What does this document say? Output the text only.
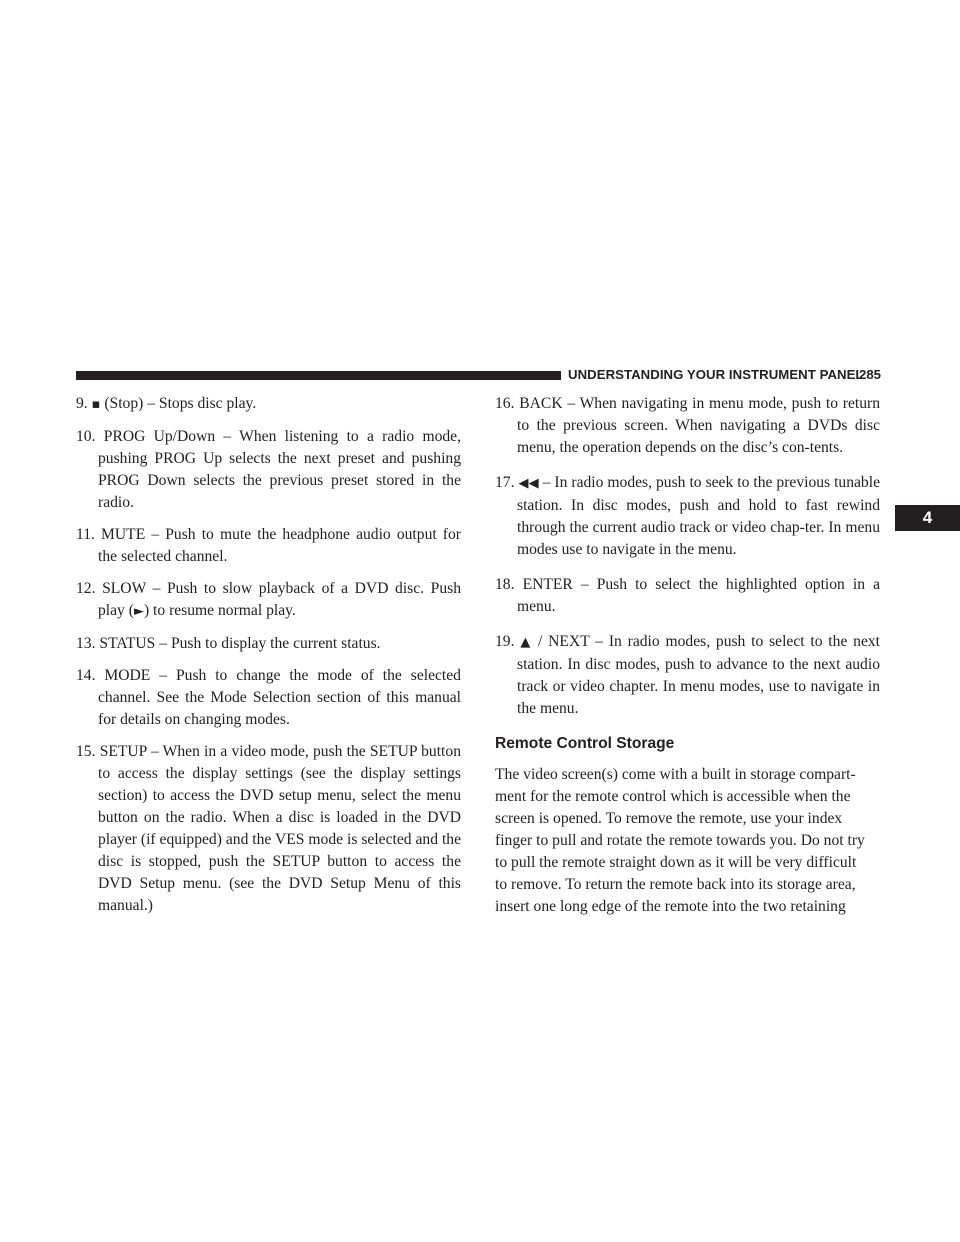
UNDERSTANDING YOUR INSTRUMENT PANEL
285
4

9. ▪ (Stop) – Stops disc play.

10. PROG Up/Down – When listening to a radio mode, pushing PROG Up selects the next preset and pushing PROG Down selects the previous preset stored in the radio.

11. MUTE – Push to mute the headphone audio output for the selected channel.

12. SLOW – Push to slow playback of a DVD disc. Push play (►) to resume normal play.

13. STATUS – Push to display the current status.

14. MODE – Push to change the mode of the selected channel. See the Mode Selection section of this manual for details on changing modes.

15. SETUP – When in a video mode, push the SETUP button to access the display settings (see the display settings section) to access the DVD setup menu, select the menu button on the radio. When a disc is loaded in the DVD player (if equipped) and the VES mode is selected and the disc is stopped, push the SETUP button to access the DVD Setup menu. (see the DVD Setup Menu of this manual.)

16. BACK – When navigating in menu mode, push to return to the previous screen. When navigating a DVDs disc menu, the operation depends on the disc’s con-tents.

17. ◀◀ – In radio modes, push to seek to the previous tunable station. In disc modes, push and hold to fast rewind through the current audio track or video chap-ter. In menu modes use to navigate in the menu.

18. ENTER – Push to select the highlighted option in a menu.

19. ▲ / NEXT – In radio modes, push to select to the next station. In disc modes, push to advance to the next audio track or video chapter. In menu modes, use to navigate in the menu.

Remote Control Storage

The video screen(s) come with a built in storage compart-
ment for the remote control which is accessible when the
screen is opened. To remove the remote, use your index
finger to pull and rotate the remote towards you. Do not try
to pull the remote straight down as it will be very difficult
to remove. To return the remote back into its storage area,
insert one long edge of the remote into the two retaining
